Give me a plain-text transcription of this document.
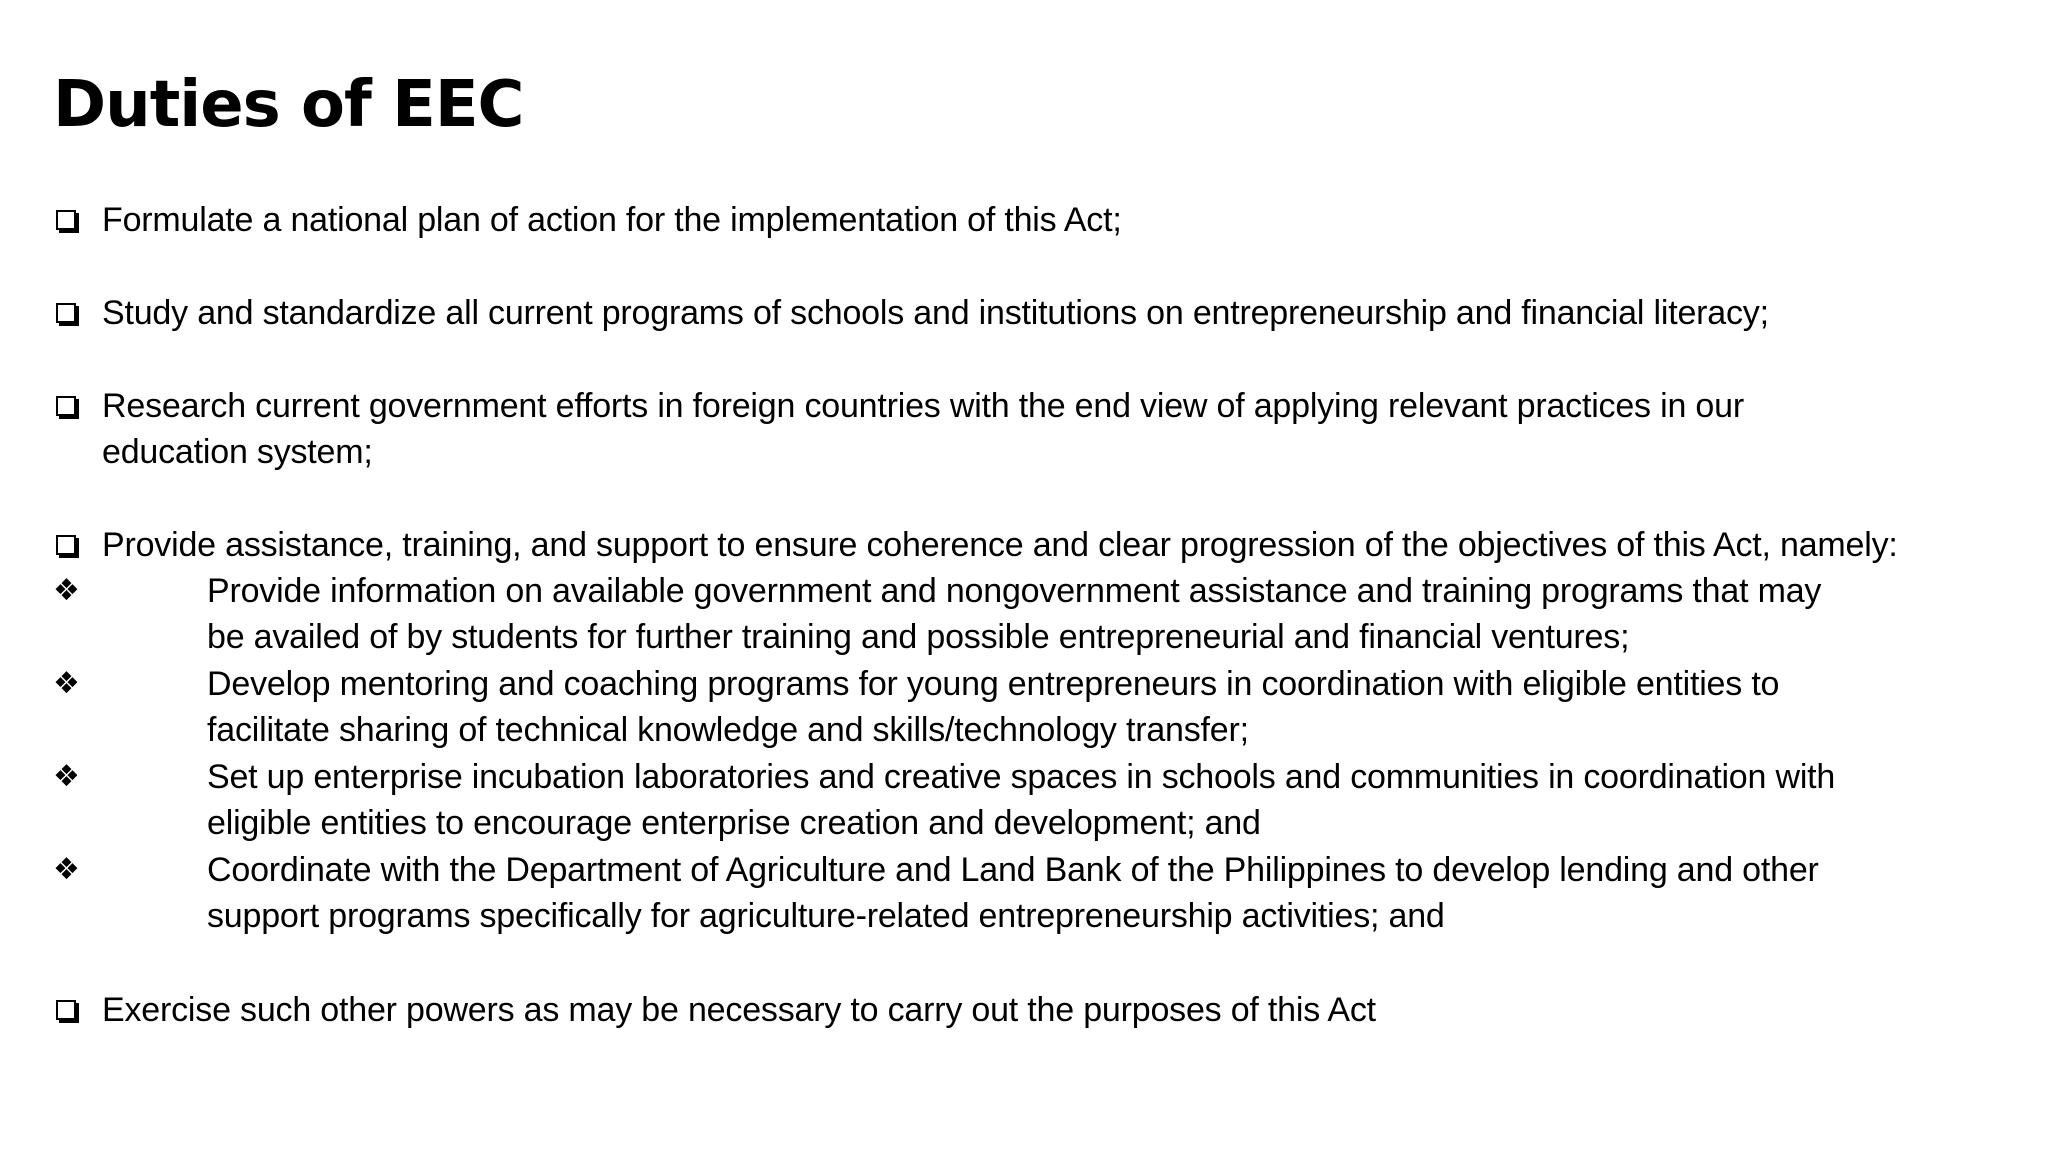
Duties of EEC
Formulate a national plan of action for the implementation of this Act;
Study and standardize all current programs of schools and institutions on entrepreneurship and financial literacy;
Research current government efforts in foreign countries with the end view of applying relevant practices in our
education system;
Provide assistance, training, and support to ensure coherence and clear progression of the objectives of this Act, namely:
❖	Provide information on available government and nongovernment assistance and training programs that may
be availed of by students for further training and possible entrepreneurial and financial ventures;
❖	Develop mentoring and coaching programs for young entrepreneurs in coordination with eligible entities to
facilitate sharing of technical knowledge and skills/technology transfer;
❖	Set up enterprise incubation laboratories and creative spaces in schools and communities in coordination with
eligible entities to encourage enterprise creation and development; and
❖	Coordinate with the Department of Agriculture and Land Bank of the Philippines to develop lending and other
support programs specifically for agriculture-related entrepreneurship activities; and
Exercise such other powers as may be necessary to carry out the purposes of this Act
